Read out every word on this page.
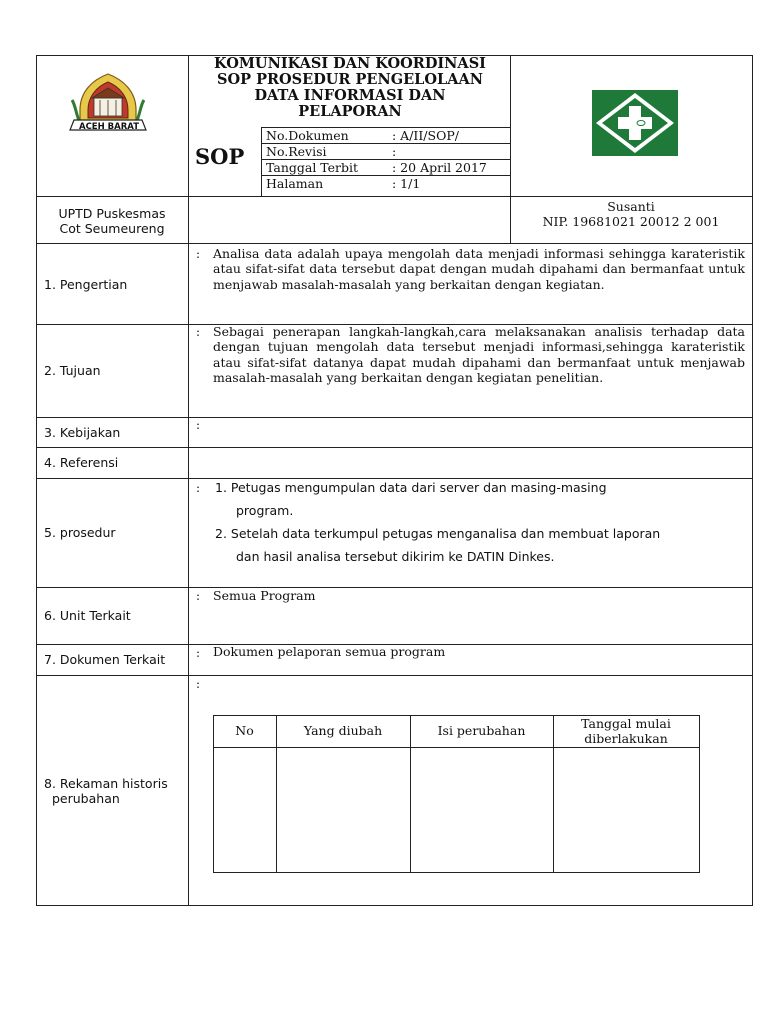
ACEH BARAT
KOMUNIKASI DAN KOORDINASI
SOP PROSEDUR PENGELOLAAN
DATA INFORMASI DAN
PELAPORAN
SOP
No.Dokumen	: A/II/SOP/
No.Revisi	:
Tanggal Terbit	: 20 April 2017
Halaman	: 1/1
UPTD Puskesmas
Cot Seumeureng
Susanti
NIP. 19681021 20012 2 001
1. Pengertian
: Analisa data adalah upaya mengolah data menjadi informasi sehingga karateristik atau sifat-sifat data tersebut dapat dengan mudah dipahami dan bermanfaat untuk menjawab masalah-masalah yang berkaitan dengan kegiatan.
2. Tujuan
: Sebagai penerapan langkah-langkah,cara melaksanakan analisis terhadap data dengan tujuan mengolah data tersebut menjadi informasi,sehingga karateristik atau sifat-sifat datanya dapat mudah dipahami dan bermanfaat untuk menjawab masalah-masalah yang berkaitan dengan kegiatan penelitian.
3. Kebijakan	:
4. Referensi
5. prosedur
: 1. Petugas mengumpulan data dari server dan masing-masing
program.
2. Setelah data terkumpul petugas menganalisa dan membuat laporan
dan hasil analisa tersebut dikirim ke DATIN Dinkes.
6. Unit Terkait
: Semua Program
7. Dokumen Terkait	: Dokumen pelaporan semua program
8. Rekaman historis
perubahan
:
No	Yang diubah	Isi perubahan	Tanggal mulai
diberlakukan
